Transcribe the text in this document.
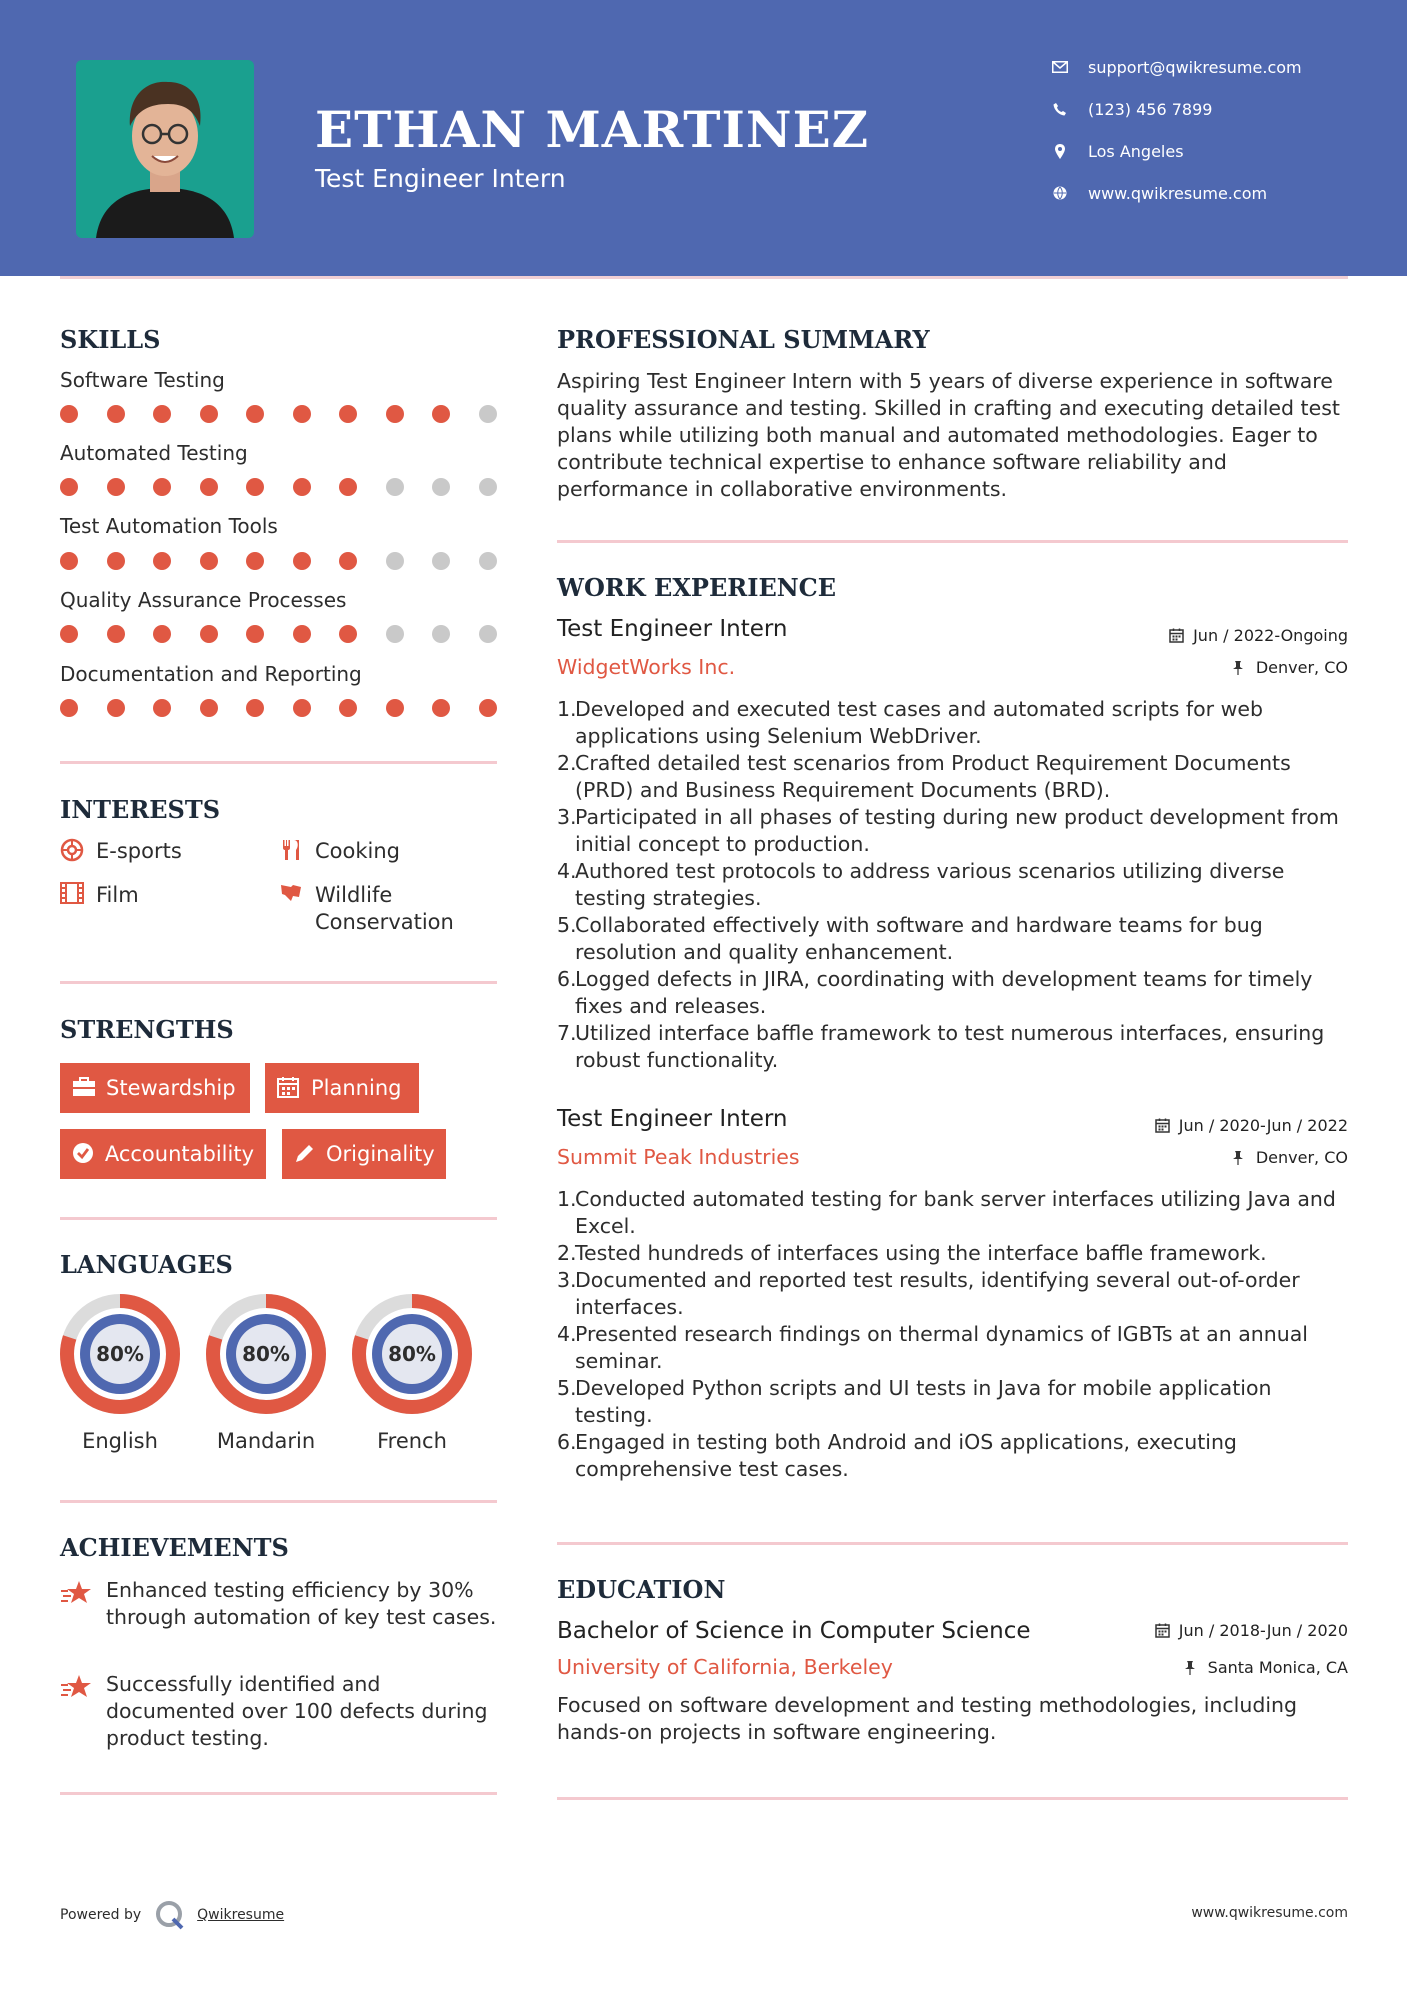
ETHAN MARTINEZ
Test Engineer Intern
support@qwikresume.com
(123) 456 7899
Los Angeles
www.qwikresume.com
SKILLS
Software Testing
Automated Testing
Test Automation Tools
Quality Assurance Processes
Documentation and Reporting
INTERESTS
E-sports	Cooking
Film	Wildlife Conservation
STRENGTHS
Stewardship	Planning
Accountability	Originality
LANGUAGES
80%	80%	80%
English	Mandarin	French
ACHIEVEMENTS
Enhanced testing efficiency by 30% through automation of key test cases.
Successfully identified and documented over 100 defects during product testing.
PROFESSIONAL SUMMARY
Aspiring Test Engineer Intern with 5 years of diverse experience in software quality assurance and testing. Skilled in crafting and executing detailed test plans while utilizing both manual and automated methodologies. Eager to contribute technical expertise to enhance software reliability and performance in collaborative environments.
WORK EXPERIENCE
Test Engineer Intern	Jun / 2022-Ongoing
WidgetWorks Inc.	Denver, CO
1.
Developed and executed test cases and automated scripts for web applications using Selenium WebDriver.
2.
Crafted detailed test scenarios from Product Requirement Documents (PRD) and Business Requirement Documents (BRD).
3.
Participated in all phases of testing during new product development from initial concept to production.
4.
Authored test protocols to address various scenarios utilizing diverse testing strategies.
5.
Collaborated effectively with software and hardware teams for bug resolution and quality enhancement.
6.
Logged defects in JIRA, coordinating with development teams for timely fixes and releases.
7.
Utilized interface baffle framework to test numerous interfaces, ensuring robust functionality.
Test Engineer Intern	Jun / 2020-Jun / 2022
Summit Peak Industries	Denver, CO
1.
Conducted automated testing for bank server interfaces utilizing Java and Excel.
2.
Tested hundreds of interfaces using the interface baffle framework.
3.
Documented and reported test results, identifying several out-of-order interfaces.
4.
Presented research findings on thermal dynamics of IGBTs at an annual seminar.
5.
Developed Python scripts and UI tests in Java for mobile application testing.
6.
Engaged in testing both Android and iOS applications, executing comprehensive test cases.
EDUCATION
Bachelor of Science in Computer Science	Jun / 2018-Jun / 2020
University of California, Berkeley	Santa Monica, CA
Focused on software development and testing methodologies, including hands-on projects in software engineering.
Powered by	Qwikresume	www.qwikresume.com
